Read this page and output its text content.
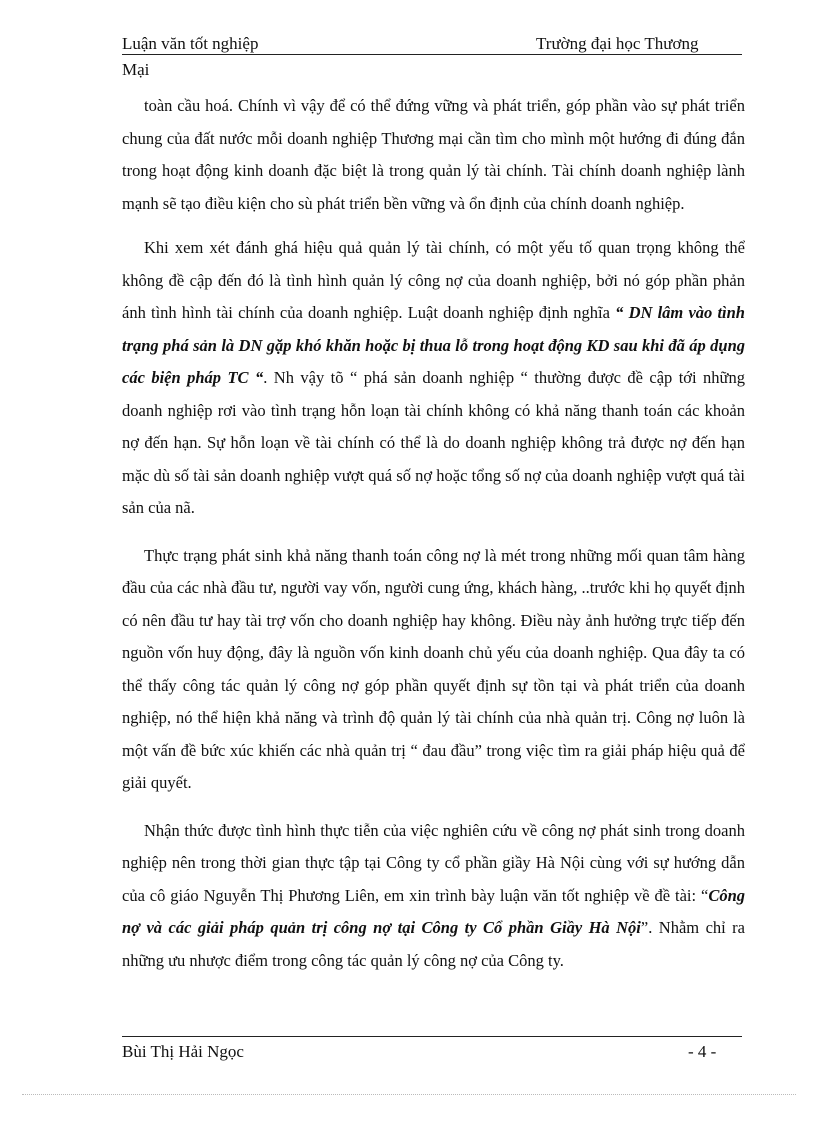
Luận văn tốt nghiệp	Trường đại học Thương
Mại

toàn cầu hoá. Chính vì vậy để có thể đứng vững và phát triển, góp phần vào sự phát triển chung của đất nước mỗi doanh nghiệp Thương mại cần tìm cho mình một hướng đi đúng đắn trong hoạt động kinh doanh đặc biệt là trong quản lý tài chính. Tài chính doanh nghiệp lành mạnh sẽ tạo điều kiện cho sù phát triển bền vững và ổn định của chính doanh nghiệp.

Khi xem xét đánh ghá hiệu quả quản lý tài chính, có một yếu tố quan trọng không thể không đề cập đến đó là tình hình quản lý công nợ của doanh nghiệp, bởi nó góp phần phản ánh tình hình tài chính của doanh nghiệp. Luật doanh nghiệp định nghĩa “ DN lâm vào tình trạng phá sản là DN gặp khó khăn hoặc bị thua lỗ trong hoạt động KD sau khi đã áp dụng các biện pháp TC “. Nh vậy tõ “ phá sản doanh nghiệp “ thường được đề cập tới những doanh nghiệp rơi vào tình trạng hỗn loạn tài chính không có khả năng thanh toán các khoản nợ đến hạn. Sự hỗn loạn về tài chính có thể là do doanh nghiệp không trả được nợ đến hạn mặc dù số tài sản doanh nghiệp vượt quá số nợ hoặc tổng số nợ của doanh nghiệp vượt quá tài sản của nã.

Thực trạng phát sinh khả năng thanh toán công nợ là mét trong những mối quan tâm hàng đầu của các nhà đầu tư, người vay vốn, người cung ứng, khách hàng, ..trước khi họ quyết định có nên đầu tư hay tài trợ vốn cho doanh nghiệp hay không. Điều này ảnh hưởng trực tiếp đến nguồn vốn huy động, đây là nguồn vốn kinh doanh chủ yếu của doanh nghiệp. Qua đây ta có thể thấy công tác quản lý công nợ góp phần quyết định sự tồn tại và phát triển của doanh nghiệp, nó thể hiện khả năng và trình độ quản lý tài chính của nhà quản trị. Công nợ luôn là một vấn đề bức xúc khiến các nhà quản trị “ đau đầu” trong việc tìm ra giải pháp hiệu quả để giải quyết.

Nhận thức được tình hình thực tiễn của việc nghiên cứu về công nợ phát sinh trong doanh nghiệp nên trong thời gian thực tập tại Công ty cổ phần giầy Hà Nội cùng với sự hướng dẫn của cô giáo Nguyễn Thị Phương Liên, em xin trình bày luận văn tốt nghiệp về đề tài: “Công nợ và các giải pháp quản trị công nợ tại Công ty Cổ phần Giầy Hà Nội”. Nhằm chỉ ra những ưu nhược điểm trong công tác quản lý công nợ của Công ty.

Bùi Thị Hải Ngọc	- 4 -
